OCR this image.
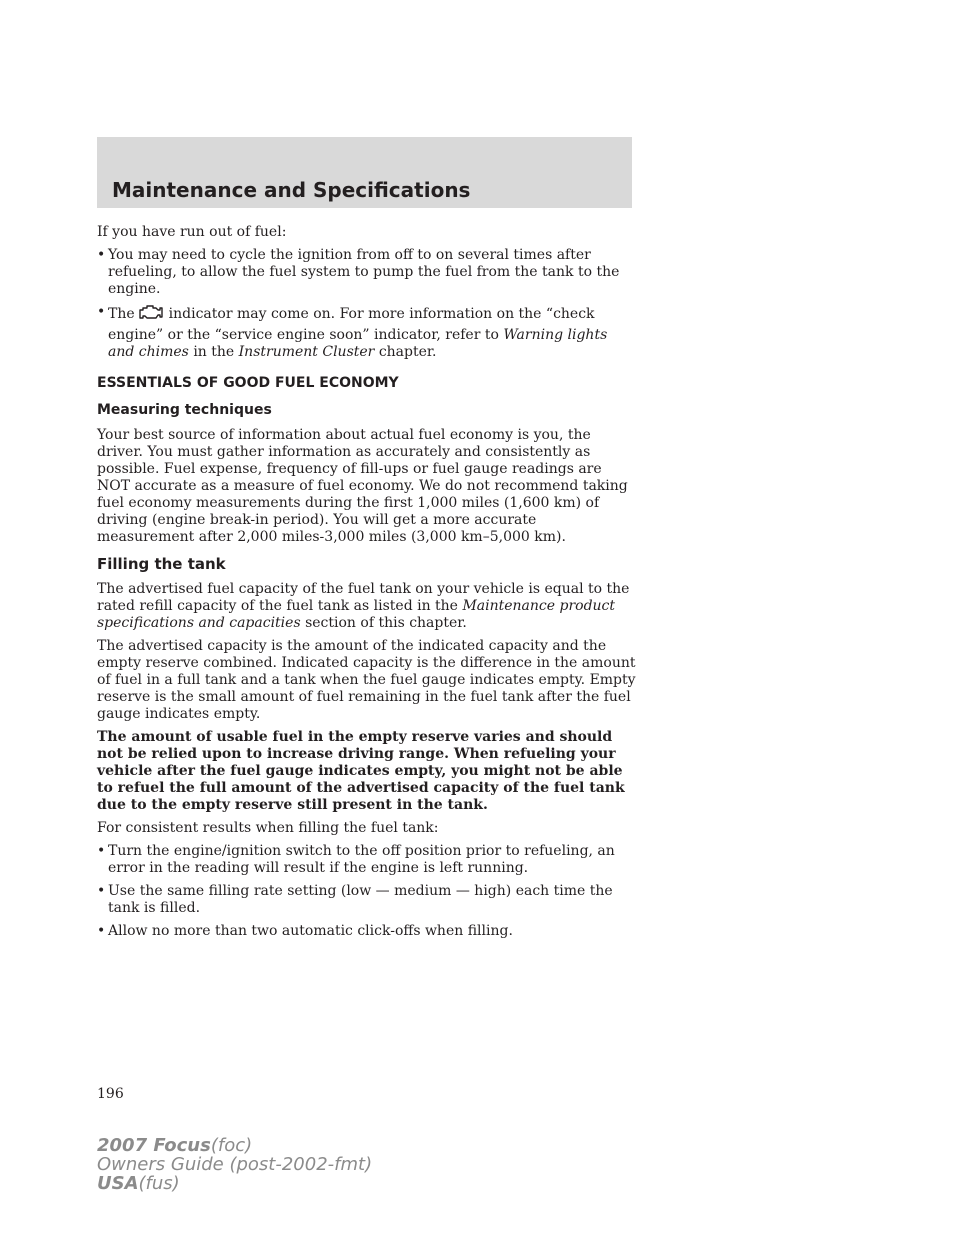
Maintenance and Specifications

If you have run out of fuel:

• You may need to cycle the ignition from off to on several times after refueling, to allow the fuel system to pump the fuel from the tank to the engine.
• The indicator may come on. For more information on the “check engine” or the “service engine soon” indicator, refer to Warning lights and chimes in the Instrument Cluster chapter.
ESSENTIALS OF GOOD FUEL ECONOMY
Measuring techniques

Your best source of information about actual fuel economy is you, the driver. You must gather information as accurately and consistently as possible. Fuel expense, frequency of fill-ups or fuel gauge readings are NOT accurate as a measure of fuel economy. We do not recommend taking fuel economy measurements during the first 1,000 miles (1,600 km) of driving (engine break-in period). You will get a more accurate measurement after 2,000 miles-3,000 miles (3,000 km–5,000 km).

Filling the tank

The advertised fuel capacity of the fuel tank on your vehicle is equal to the rated refill capacity of the fuel tank as listed in the Maintenance product specifications and capacities section of this chapter.

The advertised capacity is the amount of the indicated capacity and the empty reserve combined. Indicated capacity is the difference in the amount of fuel in a full tank and a tank when the fuel gauge indicates empty. Empty reserve is the small amount of fuel remaining in the fuel tank after the fuel gauge indicates empty.

The amount of usable fuel in the empty reserve varies and should not be relied upon to increase driving range. When refueling your vehicle after the fuel gauge indicates empty, you might not be able to refuel the full amount of the advertised capacity of the fuel tank due to the empty reserve still present in the tank.

For consistent results when filling the fuel tank:

• Turn the engine/ignition switch to the off position prior to refueling, an error in the reading will result if the engine is left running.
• Use the same filling rate setting (low — medium — high) each time the tank is filled.
• Allow no more than two automatic click-offs when filling.
196
2007 Focus(foc)
Owners Guide (post-2002-fmt)
USA(fus)
